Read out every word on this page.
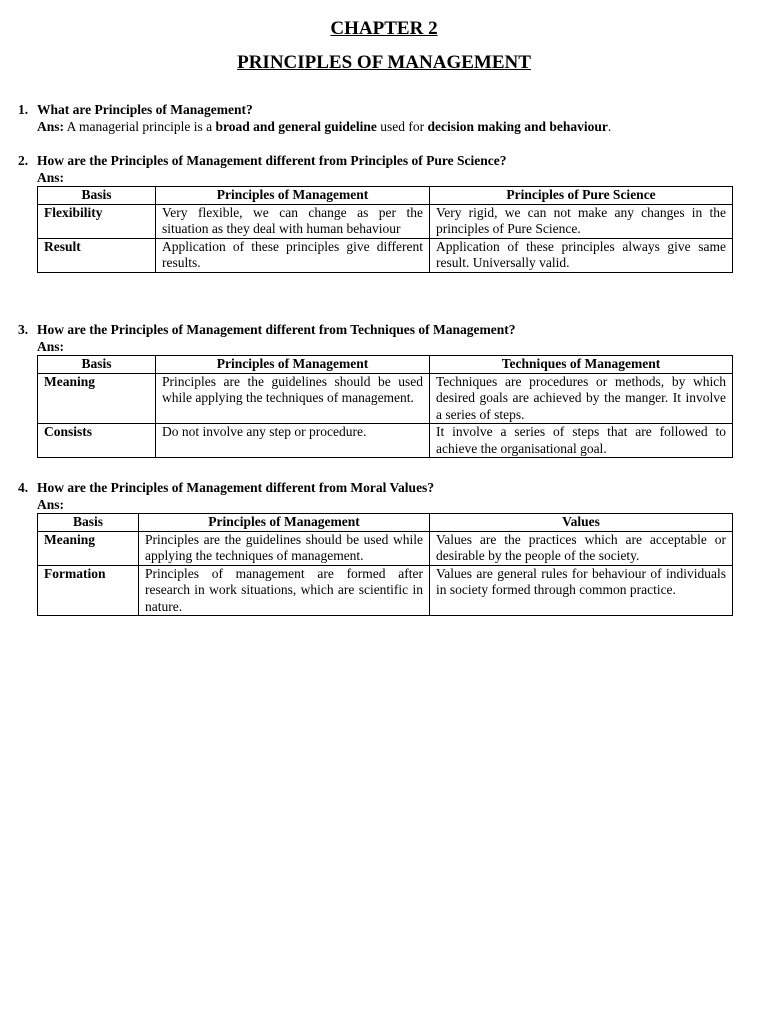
CHAPTER 2
PRINCIPLES OF MANAGEMENT
1. What are Principles of Management?
Ans: A managerial principle is a broad and general guideline used for decision making and behaviour.
2. How are the Principles of Management different from Principles of Pure Science?
Ans:
Basis	Principles of Management	Principles of Pure Science
Flexibility	Very flexible, we can change as per the situation as they deal with human behaviour	Very rigid, we can not make any changes in the principles of Pure Science.
Result	Application of these principles give different results.	Application of these principles always give same result. Universally valid.
3. How are the Principles of Management different from Techniques of Management?
Ans:
Basis	Principles of Management	Techniques of Management
Meaning	Principles are the guidelines should be used while applying the techniques of management.	Techniques are procedures or methods, by which desired goals are achieved by the manger. It involve a series of steps.
Consists	Do not involve any step or procedure.	It involve a series of steps that are followed to achieve the organisational goal.
4. How are the Principles of Management different from Moral Values?
Ans:
Basis	Principles of Management	Values
Meaning	Principles are the guidelines should be used while applying the techniques of management.	Values are the practices which are acceptable or desirable by the people of the society.
Formation	Principles of management are formed after research in work situations, which are scientific in nature.	Values are general rules for behaviour of individuals in society formed through common practice.
